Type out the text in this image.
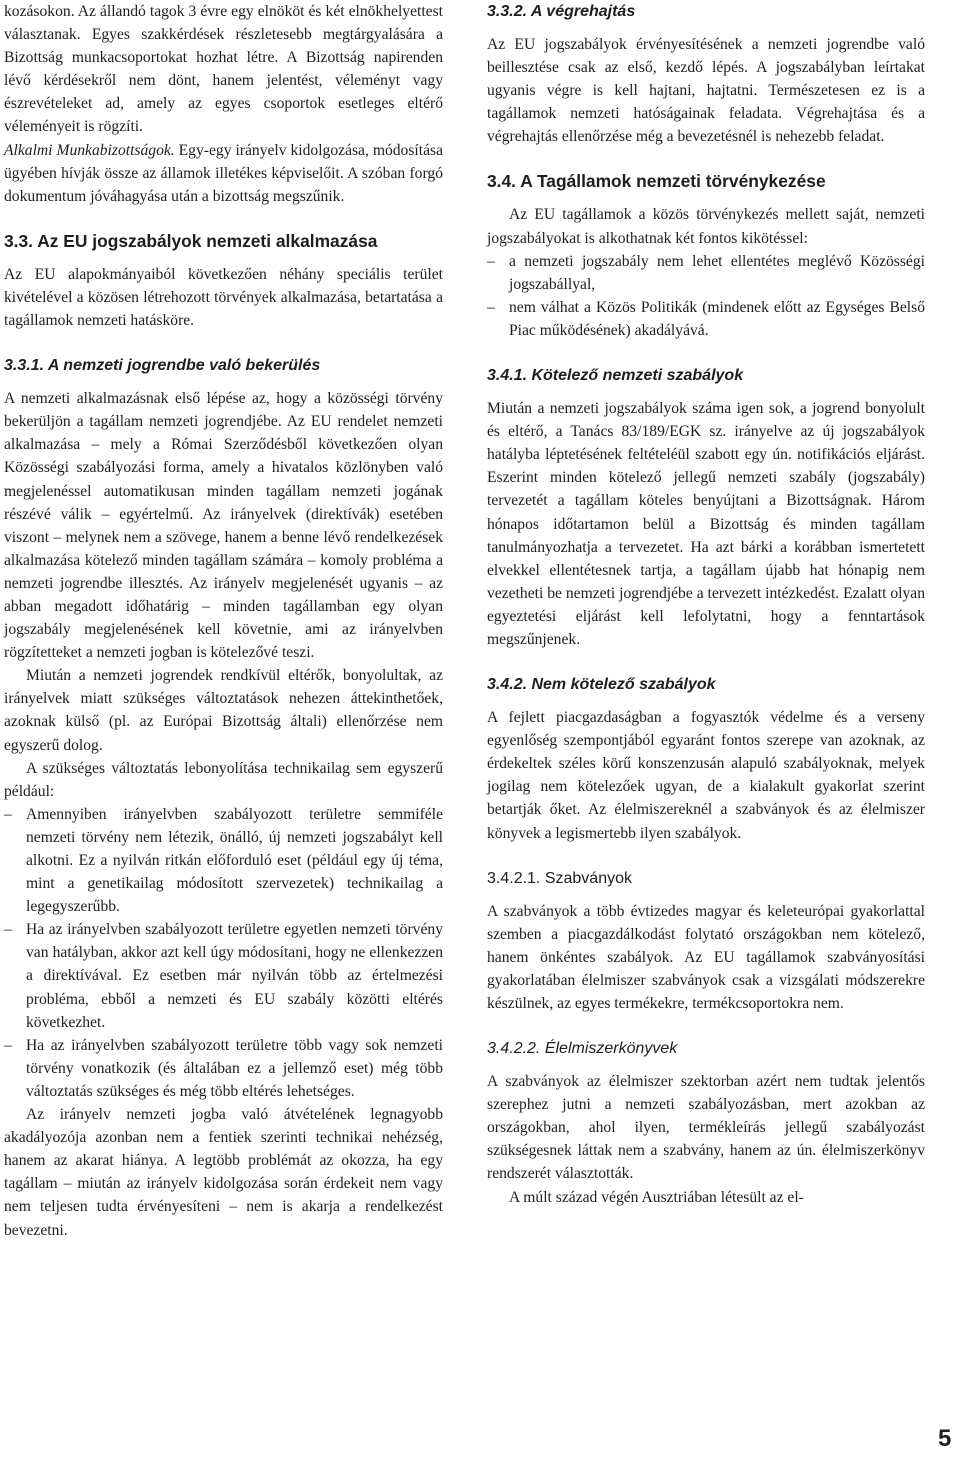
kozásokon. Az állandó tagok 3 évre egy elnököt és két elnökhelyettest választanak. Egyes szakkérdések részletesebb megtárgyalására a Bizottság munkacsoportokat hozhat létre. A Bizottság napirenden lévő kérdésekről nem dönt, hanem jelentést, véleményt vagy észrevételeket ad, amely az egyes csoportok esetleges eltérő véleményeit is rögzíti.

Alkalmi Munkabizottságok. Egy-egy irányelv kidolgozása, módosítása ügyében hívják össze az államok illetékes képviselőit. A szóban forgó dokumentum jóváhagyása után a bizottság megszűnik.

3.3. Az EU jogszabályok nemzeti alkalmazása

Az EU alapokmányaiból következően néhány speciális terület kivételével a közösen létrehozott törvények alkalmazása, betartatása a tagállamok nemzeti hatásköre.

3.3.1. A nemzeti jogrendbe való bekerülés

A nemzeti alkalmazásnak első lépése az, hogy a közösségi törvény bekerüljön a tagállam nemzeti jogrendjébe. Az EU rendelet nemzeti alkalmazása – mely a Római Szerződésből következően olyan Közösségi szabályozási forma, amely a hivatalos közlönyben való megjelenéssel automatikusan minden tagállam nemzeti jogának részévé válik – egyértelmű. Az irányelvek (direktívák) esetében viszont – melynek nem a szövege, hanem a benne lévő rendelkezések alkalmazása kötelező minden tagállam számára – komoly probléma a nemzeti jogrendbe illesztés. Az irányelv megjelenését ugyanis – az abban megadott időhatárig – minden tagállamban egy olyan jogszabály megjelenésének kell követnie, ami az irányelvben rögzítetteket a nemzeti jogban is kötelezővé teszi.

Miután a nemzeti jogrendek rendkívül eltérők, bonyolultak, az irányelvek miatt szükséges változtatások nehezen áttekinthetőek, azoknak külső (pl. az Európai Bizottság általi) ellenőrzése nem egyszerű dolog.

A szükséges változtatás lebonyolítása technikailag sem egyszerű például:

– Amennyiben irányelvben szabályozott területre semmiféle nemzeti törvény nem létezik, önálló, új nemzeti jogszabályt kell alkotni. Ez a nyilván ritkán előforduló eset (például egy új téma, mint a genetikailag módosított szervezetek) technikailag a legegyszerűbb.
– Ha az irányelvben szabályozott területre egyetlen nemzeti törvény van hatályban, akkor azt kell úgy módosítani, hogy ne ellenkezzen a direktívával. Ez esetben már nyilván több az értelmezési probléma, ebből a nemzeti és EU szabály közötti eltérés következhet.
– Ha az irányelvben szabályozott területre több vagy sok nemzeti törvény vonatkozik (és általában ez a jellemző eset) még több változtatás szükséges és még több eltérés lehetséges.

Az irányelv nemzeti jogba való átvételének legnagyobb akadályozója azonban nem a fentiek szerinti technikai nehézség, hanem az akarat hiánya. A legtöbb problémát az okozza, ha egy tagállam – miután az irányelv kidolgozása során érdekeit nem vagy nem teljesen tudta érvényesíteni – nem is akarja a rendelkezést bevezetni.

3.3.2. A végrehajtás

Az EU jogszabályok érvényesítésének a nemzeti jogrendbe való beillesztése csak az első, kezdő lépés. A jogszabályban leírtakat ugyanis végre is kell hajtani, hajtatni. Természetesen ez is a tagállamok nemzeti hatóságainak feladata. Végrehajtása és a végrehajtás ellenőrzése még a bevezetésnél is nehezebb feladat.

3.4. A Tagállamok nemzeti törvénykezése

Az EU tagállamok a közös törvénykezés mellett saját, nemzeti jogszabályokat is alkothatnak két fontos kikötéssel:

– a nemzeti jogszabály nem lehet ellentétes meglévő Közösségi jogszabállyal,
– nem válhat a Közös Politikák (mindenek előtt az Egységes Belső Piac működésének) akadályává.
3.4.1. Kötelező nemzeti szabályok

Miután a nemzeti jogszabályok száma igen sok, a jogrend bonyolult és eltérő, a Tanács 83/189/EGK sz. irányelve az új jogszabályok hatályba léptetésének feltételéül szabott egy ún. notifikációs eljárást. Eszerint minden kötelező jellegű nemzeti szabály (jogszabály) tervezetét a tagállam köteles benyújtani a Bizottságnak. Három hónapos időtartamon belül a Bizottság és minden tagállam tanulmányozhatja a tervezetet. Ha azt bárki a korábban ismertetett elvekkel ellentétesnek tartja, a tagállam újabb hat hónapig nem vezetheti be nemzeti jogrendjébe a tervezett intézkedést. Ezalatt olyan egyeztetési eljárást kell lefolytatni, hogy a fenntartások megszűnjenek.

3.4.2. Nem kötelező szabályok

A fejlett piacgazdaságban a fogyasztók védelme és a verseny egyenlőség szempontjából egyaránt fontos szerepe van azoknak, az érdekeltek széles körű konszenzusán alapuló szabályoknak, melyek jogilag nem kötelezőek ugyan, de a kialakult gyakorlat szerint betartják őket. Az élelmiszereknél a szabványok és az élelmiszer könyvek a legismertebb ilyen szabályok.

3.4.2.1. Szabványok

A szabványok a több évtizedes magyar és keleteurópai gyakorlattal szemben a piacgazdálkodást folytató országokban nem kötelező, hanem önkéntes szabályok. Az EU tagállamok szabványosítási gyakorlatában élelmiszer szabványok csak a vizsgálati módszerekre készülnek, az egyes termékekre, termékcsoportokra nem.

3.4.2.2. Élelmiszerkönyvek

A szabványok az élelmiszer szektorban azért nem tudtak jelentős szerephez jutni a nemzeti szabályozásban, mert azokban az országokban, ahol ilyen, termékleírás jellegű szabályozást szükségesnek láttak nem a szabvány, hanem az ún. élelmiszerkönyv rendszerét választották.

A múlt század végén Ausztriában létesült az el-

5
